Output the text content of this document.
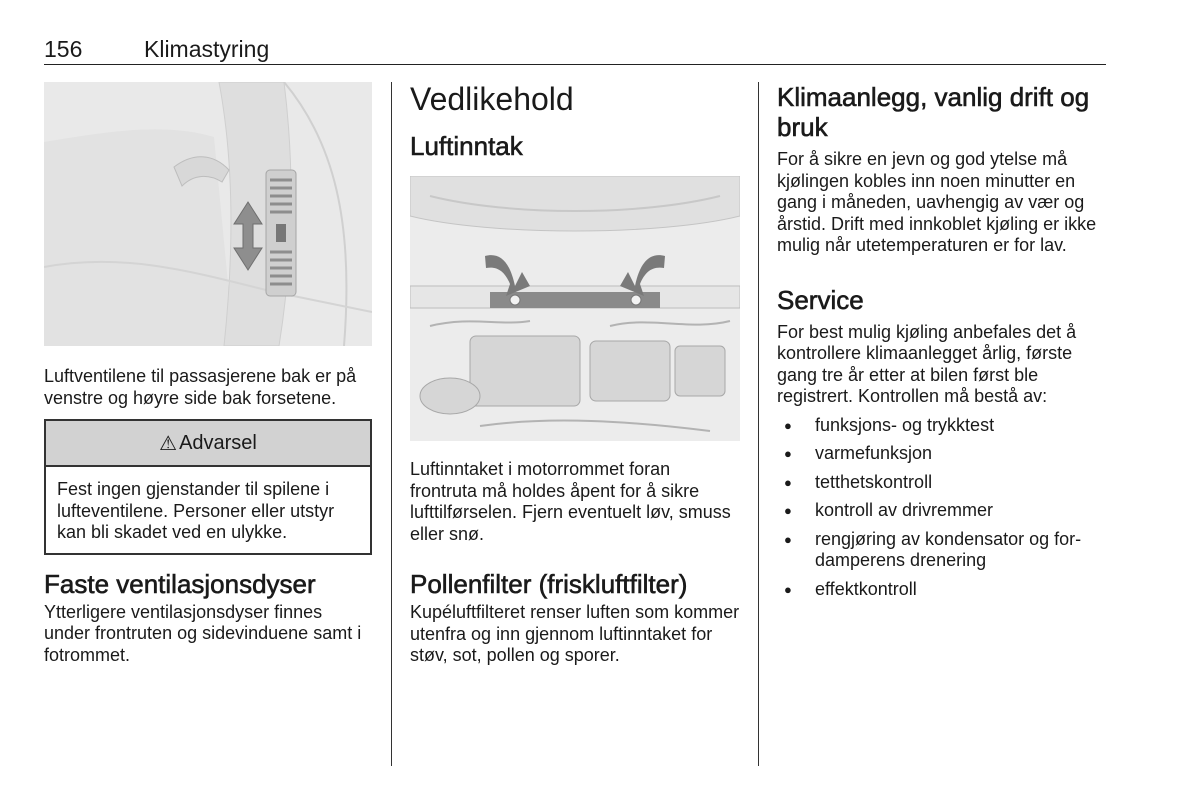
156	Klimastyring

Luftventilene til passasjerene bak er på venstre og høyre side bak forsetene.

⚠ Advarsel
Fest ingen gjenstander til spilene i lufteventilene. Personer eller utstyr kan bli skadet ved en ulykke.
Faste ventilasjonsdyser

Ytterligere ventilasjonsdyser finnes under frontruten og sidevinduene samt i fotrommet.

Vedlikehold
Luftinntak

Luftinntaket i motorrommet foran frontruta må holdes åpent for å sikre lufttilførselen. Fjern eventuelt løv, smuss eller snø.

Pollenfilter (friskluftfilter)

Kupéluftfilteret renser luften som kommer utenfra og inn gjennom luftinntaket for støv, sot, pollen og sporer.

Klimaanlegg, vanlig drift og bruk

For å sikre en jevn og god ytelse må kjølingen kobles inn noen minutter en gang i måneden, uavhengig av vær og årstid. Drift med innkoblet kjøling er ikke mulig når utetemperaturen er for lav.

Service

For best mulig kjøling anbefales det å kontrollere klimaanlegget årlig, første gang tre år etter at bilen først ble registrert. Kontrollen må bestå av:

● funksjons- og trykktest
● varmefunksjon
● tetthetskontroll
● kontroll av drivremmer
● rengjøring av kondensator og fordamperens drenering
● effektkontroll
